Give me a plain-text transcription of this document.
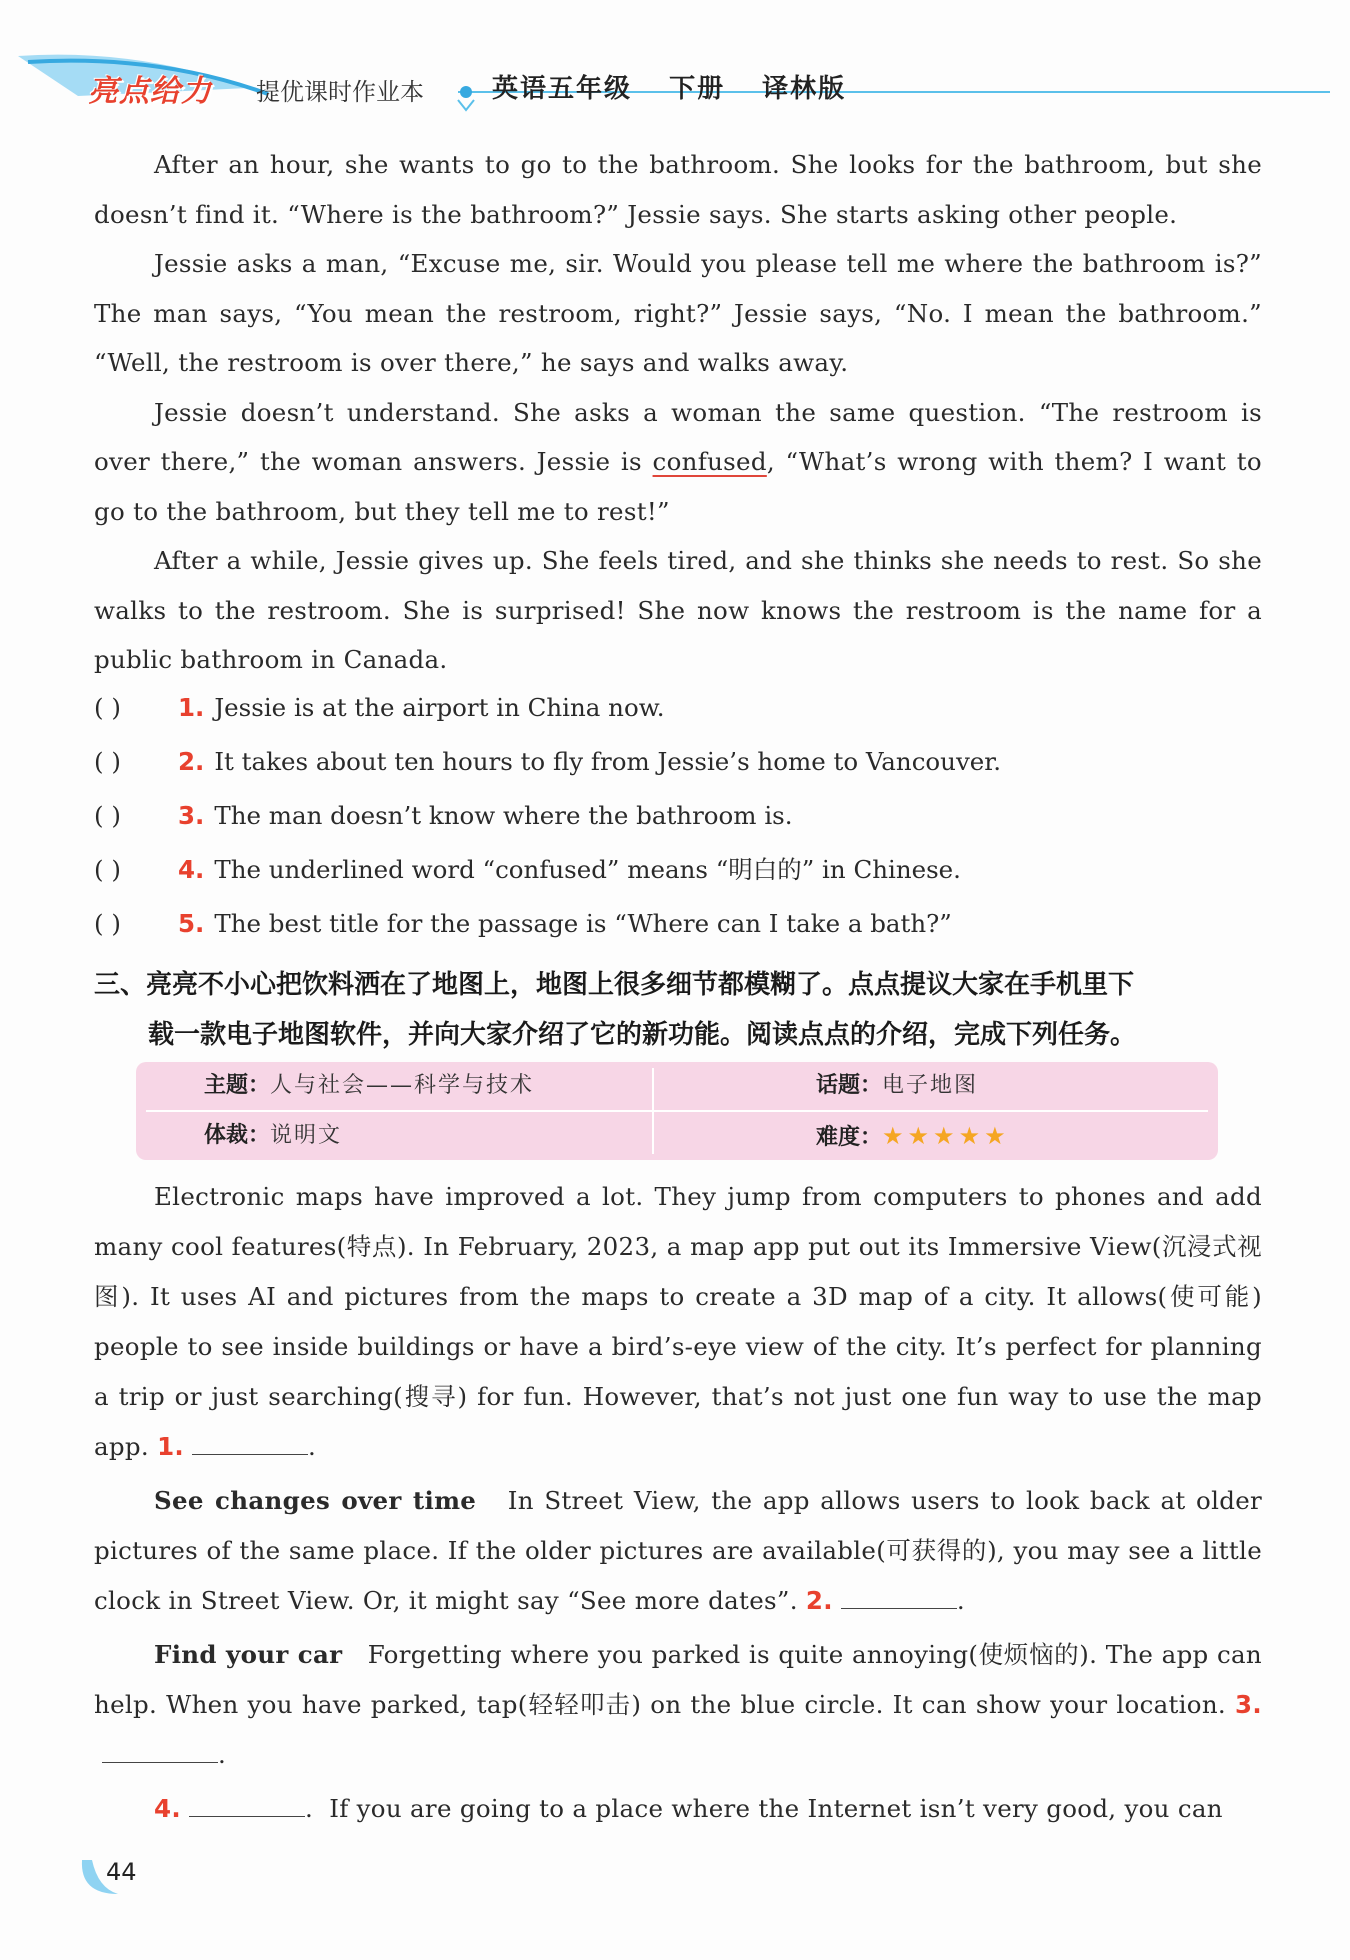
亮点给力 提优课时作业本	英语五年级 下册 译林版

After an hour, she wants to go to the bathroom. She looks for the bathroom, but she doesn’t find it. “Where is the bathroom?” Jessie says. She starts asking other people.

Jessie asks a man, “Excuse me, sir. Would you please tell me where the bathroom is?” The man says, “You mean the restroom, right?” Jessie says, “No. I mean the bathroom.” “Well, the restroom is over there,” he says and walks away.

Jessie doesn’t understand. She asks a woman the same question. “The restroom is over there,” the woman answers. Jessie is confused, “What’s wrong with them? I want to go to the bathroom, but they tell me to rest!”

After a while, Jessie gives up. She feels tired, and she thinks she needs to rest. So she walks to the restroom. She is surprised! She now knows the restroom is the name for a public bathroom in Canada.

( ) 1. Jessie is at the airport in China now.
( ) 2. It takes about ten hours to fly from Jessie’s home to Vancouver.
( ) 3. The man doesn’t know where the bathroom is.
( ) 4. The underlined word “confused” means “明白的” in Chinese.
( ) 5. The best title for the passage is “Where can I take a bath?”
三、亮亮不小心把饮料洒在了地图上，地图上很多细节都模糊了。点点提议大家在手机里下
载一款电子地图软件，并向大家介绍了它的新功能。阅读点点的介绍，完成下列任务。
主题：人与社会——科学与技术	话题：电子地图
体裁：说明文	难度：★★★★★

Electronic maps have improved a lot. They jump from computers to phones and add many cool features(特点). In February, 2023, a map app put out its Immersive View(沉浸式视图). It uses AI and pictures from the maps to create a 3D map of a city. It allows(使可能) people to see inside buildings or have a bird’s-eye view of the city. It’s perfect for planning a trip or just searching(搜寻) for fun. However, that’s not just one fun way to use the map app. 1.	.

See changes over time In Street View, the app allows users to look back at older pictures of the same place. If the older pictures are available(可获得的), you may see a little clock in Street View. Or, it might say “See more dates”. 2.	.

Find your car Forgetting where you parked is quite annoying(使烦恼的). The app can help. When you have parked, tap(轻轻叩击) on the blue circle. It can show your location. 3..

4.	.  If you are going to a place where the Internet isn’t very good, you can

44
